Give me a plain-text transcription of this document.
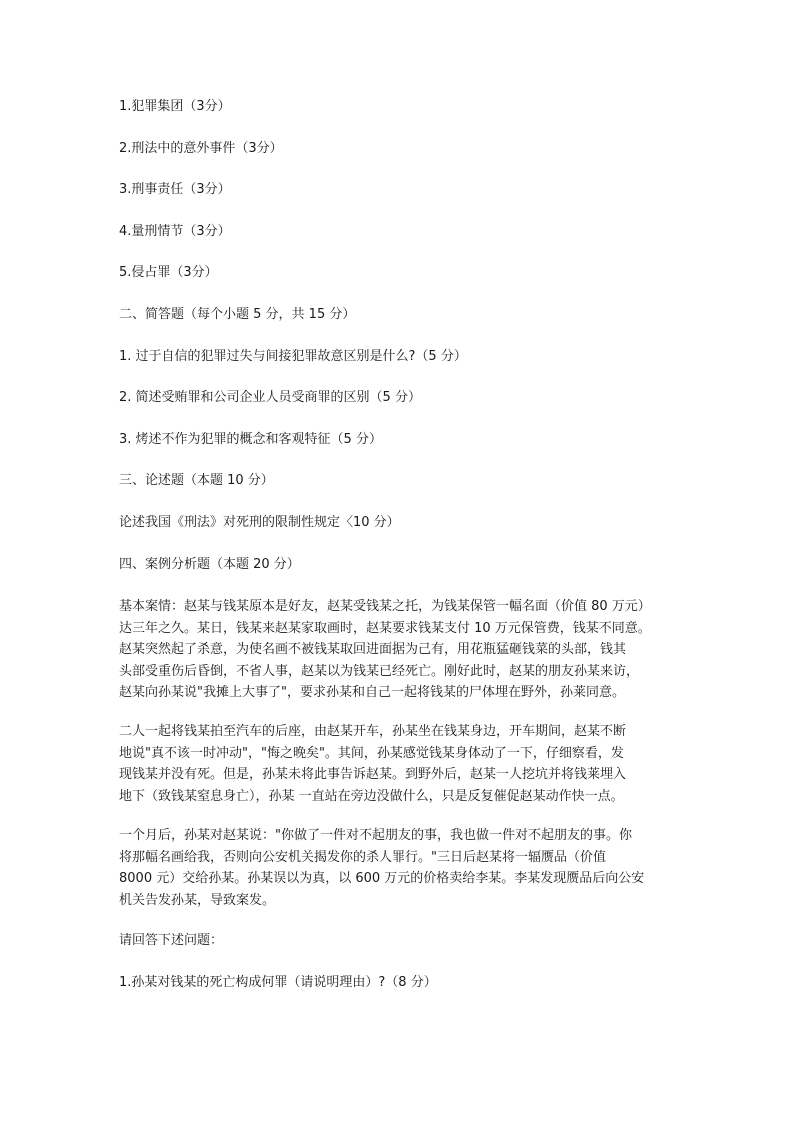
1.犯罪集团（3分）

2.刑法中的意外事件（3分）

3.刑事责任（3分）

4.量刑情节（3分）

5.侵占罪（3分）

二、简答题（每个小题 5 分，共 15 分）

1. 过于自信的犯罪过失与间接犯罪故意区别是什么?（5 分）

2. 简述受贿罪和公司企业人员受商罪的区别（5 分）

3. 烤述不作为犯罪的概念和客观特征（5 分）

三、论述题（本题 10 分）

论述我国《刑法》对死刑的限制性规定〈10 分）

四、案例分析题（本题 20 分）

基本案情：赵某与钱某原本是好友，赵某受钱某之托，为钱某保管一幅名面（价值 80 万元）
达三年之久。某日，钱某来赵某家取画时，赵某要求钱某支付 10 万元保管费，钱某不同意。
赵某突然起了杀意，为使名画不被钱某取回进面据为己有，用花瓶猛砸钱菜的头部，钱其
头部受重伤后昏倒，不省人事，赵某以为钱某已经死亡。刚好此时，赵某的朋友孙某来访，
赵某向孙某说"我摊上大事了"，要求孙某和自己一起将钱某的尸体埋在野外，孙莱同意。
二人一起将钱某拍至汽车的后座，由赵某开车，孙某坐在钱某身边，开车期间，赵某不断
地说"真不该一时冲动"，"悔之晚矣"。其间，孙某感觉钱某身体动了一下，仔细察看，发
现钱某并没有死。但是，孙某未将此事告诉赵某。到野外后，赵某一人挖坑并将钱莱埋入
地下（致钱某窒息身亡），孙某 一直站在旁边没做什么，只是反复催促赵某动作快一点。
一个月后，孙某对赵某说："你做了一件对不起朋友的事，我也做一件对不起朋友的事。你
将那幅名画给我，否则向公安机关揭发你的杀人罪行。"三日后赵某将一辐赝品（价值
8000 元）交给孙某。孙某误以为真，以 600 万元的价格卖给李某。李某发现赝品后向公安
机关告发孙某，导致案发。

请回答下述问题：

1.孙某对钱某的死亡构成何罪（请说明理由）?（8 分）
